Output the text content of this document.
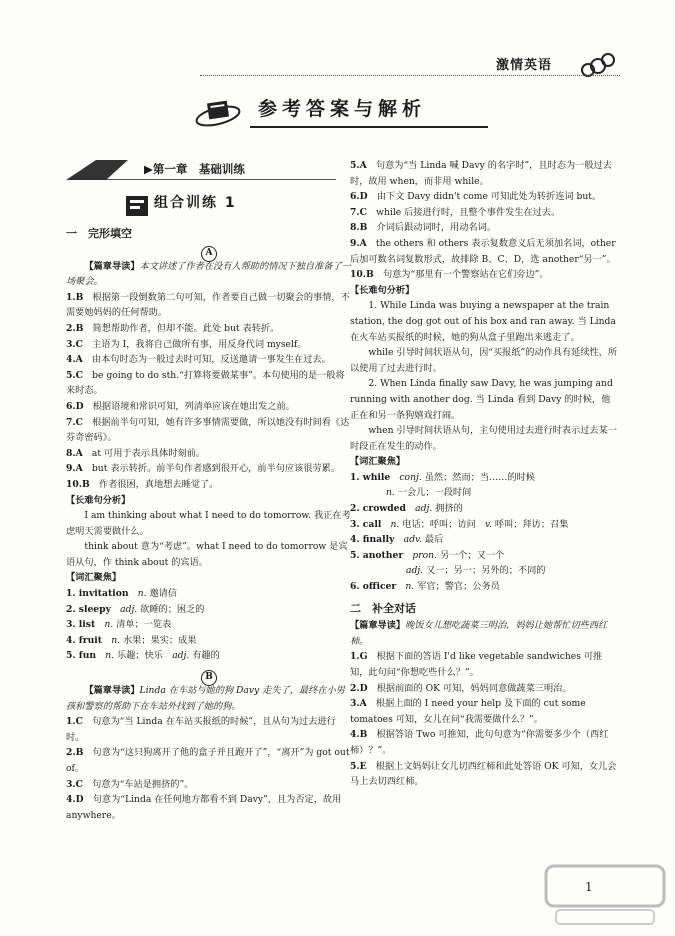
激情英语
参考答案与解析
▶第一章　基础训练
组合训练 1
一　完形填空

A

【篇章导读】本文讲述了作者在没有人帮助的情况下独自准备了一场聚会。

1.B　 根据第一段倒数第二句可知，作者要自己做一切聚会的事情，不需要她妈妈的任何帮助。

2.B　 简想帮助作者，但却不能。此处 but 表转折。

3.C　 主语为 I，我将自己做所有事，用反身代词 myself。

4.A　 由本句时态为一般过去时可知，反送邀请一事发生在过去。

5.C　 be going to do sth.“打算将要做某事”。本句使用的是一般将来时态。

6.D　 根据语境和常识可知，列清单应该在她出发之前。

7.C　 根据前半句可知，她有许多事情需要做，所以她没有时间看《达芬奇密码》。

8.A　 at 可用于表示具体时刻前。

9.A　 but 表示转折。前半句作者感到很开心，前半句应该很劳累。

10.B　 作者很困，真地想去睡觉了。

【长难句分析】

I am thinking about what I need to do tomorrow. 我正在考虑明天需要做什么。

think about 意为“考虑”。what I need to do tomorrow 是宾语从句，作 think about 的宾语。

【词汇聚焦】

1. invitation　 n. 邀请信

2. sleepy　 adj. 欲睡的；困乏的

3. list　 n. 清单；一览表

4. fruit　 n. 水果；果实；成果

5. fun　 n. 乐趣；快乐　 adj. 有趣的

B

【篇章导读】Linda 在车站与她的狗 Davy 走失了，最终在小男孩和警察的帮助下在车站外找到了她的狗。

1.C　 句意为“当 Linda 在车站买报纸的时候”，且从句为过去进行时。

2.B　 句意为“这只狗离开了他的盒子并且跑开了”，“离开”为 got out of。

3.C　 句意为“车站是拥挤的”。

4.D　 句意为“Linda 在任何地方都看不到 Davy”，且为否定，故用 anywhere。

5.A　 句意为“当 Linda 喊 Davy 的名字时”，且时态为一般过去时，故用 when，而非用 while。

6.D　 由下文 Davy didn't come 可知此处为转折连词 but。

7.C　 while 后接进行时，且整个事件发生在过去。

8.B　 介词后跟动词时，用动名词。

9.A　 the others 和 others 表示复数意义后无须加名词，other 后加可数名词复数形式，故排除 B、C、D，选 another“另一”。

10.B　 句意为“那里有一个警察站在它们旁边”。

【长难句分析】

1. While Linda was buying a newspaper at the train station, the dog got out of his box and ran away. 当 Linda 在火车站买报纸的时候，她的狗从盒子里跑出来逃走了。

while 引导时间状语从句，因“买报纸”的动作具有延续性，所以使用了过去进行时。

2. When Linda finally saw Davy, he was jumping and running with another dog. 当 Linda 看到 Davy 的时候，他正在和另一条狗嬉戏打闹。

when 引导时间状语从句，主句使用过去进行时表示过去某一时段正在发生的动作。

【词汇聚焦】

1. while　 conj. 虽然；然而；当……的时候

n. 一会儿；一段时间

2. crowded　 adj. 拥挤的

3. call　 n. 电话；呼叫；访问　 v. 呼叫；拜访；召集

4. finally　 adv. 最后

5. another　 pron. 另一个；又一个

adj. 又一；另一；另外的；不同的

6. officer　 n. 军官；警官；公务员

二　补全对话

【篇章导读】晚饭女儿想吃蔬菜三明治，妈妈让她帮忙切些西红柿。

1.G　 根据下面的答语 I'd like vegetable sandwiches 可推知，此句问“你想吃些什么？”。

2.D　 根据前面的 OK 可知，妈妈同意做蔬菜三明治。

3.A　 根据上面的 I need your help 及下面的 cut some tomatoes 可知，女儿在问“我需要做什么？”。

4.B　 根据答语 Two 可推知，此句句意为“你需要多少个（西红柿）？”。

5.E　 根据上文妈妈让女儿切西红柿和此处答语 OK 可知，女儿会马上去切西红柿。

1
